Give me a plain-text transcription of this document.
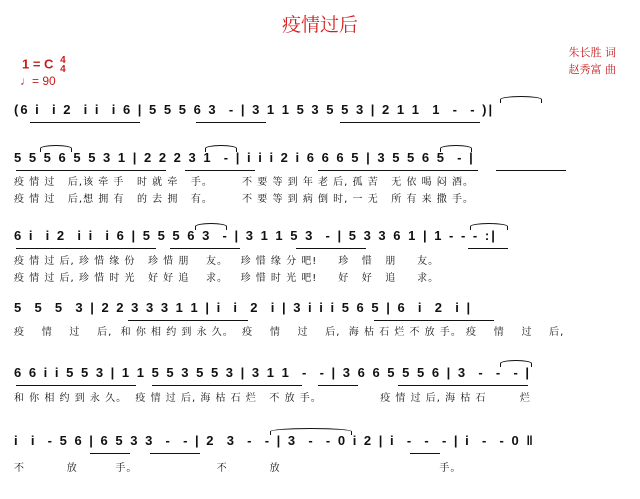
疫情过后
1 = C 4
4
♩= 90
朱长胜 词
赵秀富 曲
(6 i  i 2  i i  i 6 | 5 5 5 6 3  - | 3 1 1 5 3 5 5 3 | 2 1 1  1  -  - )|
5 5 5 6 5 5 3 1 | 2 2 2 3 1  - | i i i 2 i 6 6 6 5 | 3 5 5 6 5  - |
疫 情 过   后,该 牵 手   时 就 牵   手。       不 要 等 到 年 老 后, 孤 苦   无 依 喝 闷 酒。
疫 情 过   后,想 拥 有   的 去 拥   有。       不 要 等 到 病 倒 时, 一 无   所 有 来 撒 手。
6 i  i 2  i i  i 6 | 5 5 5 6 3  - | 3 1 1 5 3  - | 5 3 3 6 1 | 1 - - - :|
疫 情 过 后, 珍 惜 缘 份   珍 惜 朋    友。   珍 惜 缘 分 吧!     珍   惜   朋     友。
疫 情 过 后, 珍 惜 时 光   好 好 追    求。   珍 惜 时 光 吧!     好   好   追     求。
5  5  5  3 | 2 2 3 3 3 1 1 | i  i  2  i | 3 i i i 5 6 5 | 6  i  2  i |
疫    情    过    后,  和 你 相 约 到 永 久。  疫    情    过    后,  海 枯 石 烂 不 放 手。 疫    情    过    后,
6 6 i i 5 5 3 | 1 1 5 5 3 5 5 3 | 3 1 1  -  - | 3 6 6 5 5 5 6 | 3  -  -  - |
和 你 相 约 到 永 久。  疫 情 过 后, 海 枯 石 烂   不 放 手。              疫 情 过 后, 海 枯 石        烂
i  i  - 5 6 | 6 5 3 3  -  - | 2  3  -  - | 3  -  - 0 i 2 | i  -  -  - | i  -  - 0 ‖
不          放         手。                   不          放                                      手。
